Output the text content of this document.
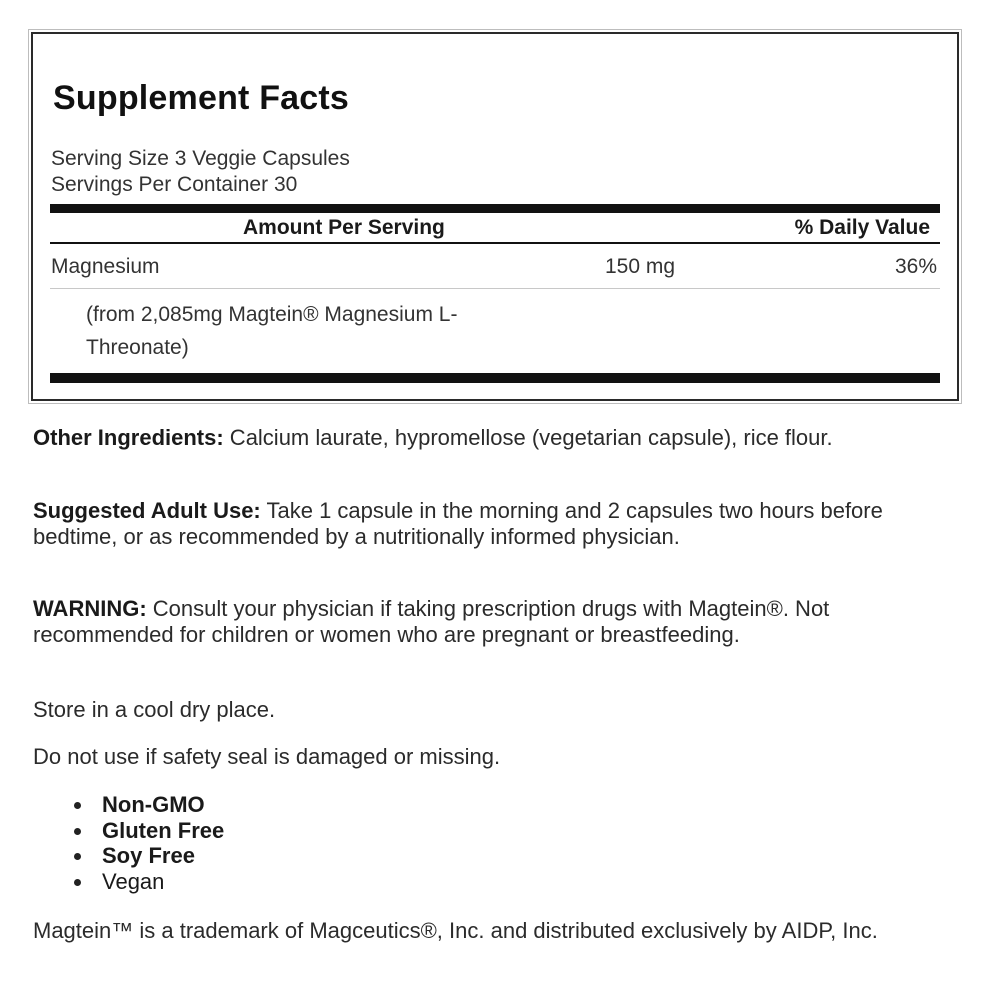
Supplement Facts
Serving Size 3 Veggie Capsules
Servings Per Container 30
Amount Per Serving	% Daily Value
Magnesium	150 mg	36%
(from 2,085mg Magtein® Magnesium L-
Threonate)

Other Ingredients: Calcium laurate, hypromellose (vegetarian capsule), rice flour.

Suggested Adult Use: Take 1 capsule in the morning and 2 capsules two hours before bedtime, or as recommended by a nutritionally informed physician.

WARNING: Consult your physician if taking prescription drugs with Magtein®. Not recommended for children or women who are pregnant or breastfeeding.

Store in a cool dry place.

Do not use if safety seal is damaged or missing.

Non-GMO
Gluten Free
Soy Free
Vegan

Magtein™ is a trademark of Magceutics®, Inc. and distributed exclusively by AIDP, Inc.
